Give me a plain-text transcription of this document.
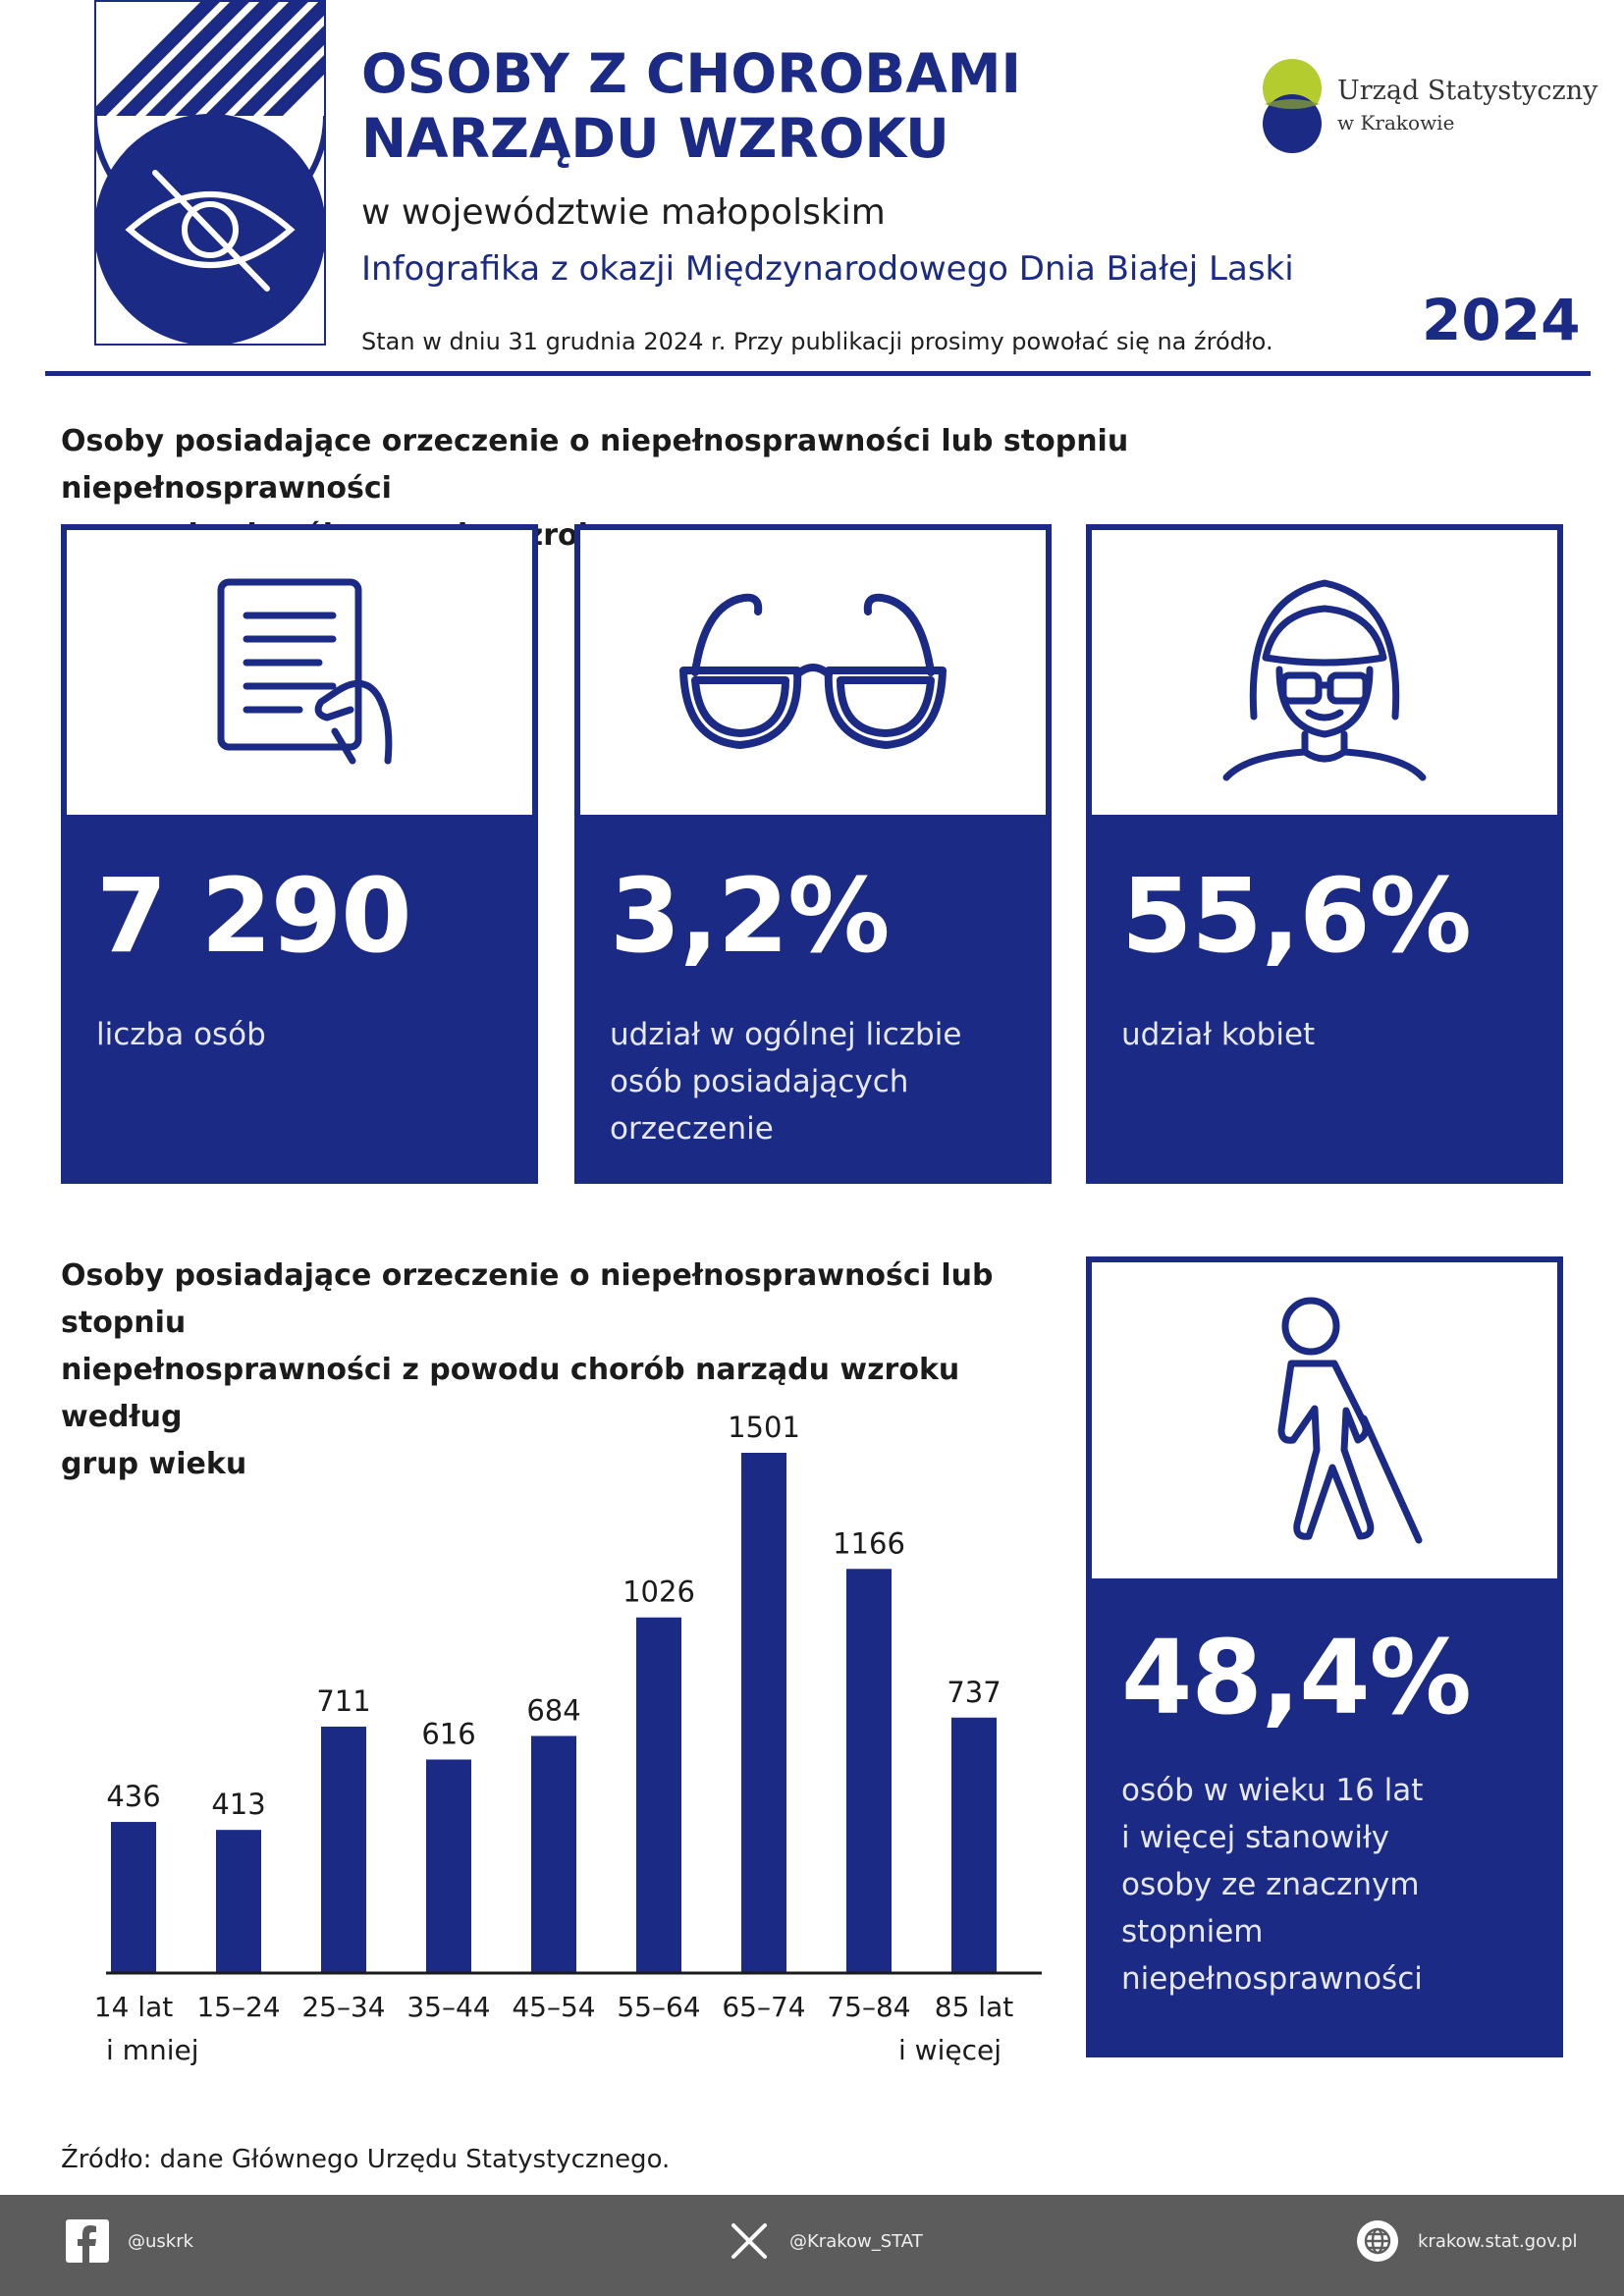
OSOBY Z CHOROBAMI
NARZĄDU WZROKU
w województwie małopolskim
Infografika z okazji Międzynarodowego Dnia Białej Laski
Stan w dniu 31 grudnia 2024 r. Przy publikacji prosimy powołać się na źródło.
Urząd Statystyczny
w Krakowie
2024
Osoby posiadające orzeczenie o niepełnosprawności lub stopniu niepełnosprawności
wzroku
7 290
liczba osób
3,2%
udział w ogólnej liczbie
osób posiadających
orzeczenie
55,6%
udział kobiet
Osoby posiadające orzeczenie o niepełnosprawności lub stopniu
niepełnosprawności z powodu chorób narządu wzroku według
grup wieku
436
14 lat
i mniej
413
15–24
711
25–34
616
35–44
684
45–54
1026
55–64
1501
65–74
1166
75–84
737
85 lat
i więcej
48,4%
osób w wieku 16 lat
i więcej stanowiły
osoby ze znacznym
stopniem
niepełnosprawności
Źródło: dane Głównego Urzędu Statystycznego.
@uskrk	@Krakow_STAT	krakow.stat.gov.pl
